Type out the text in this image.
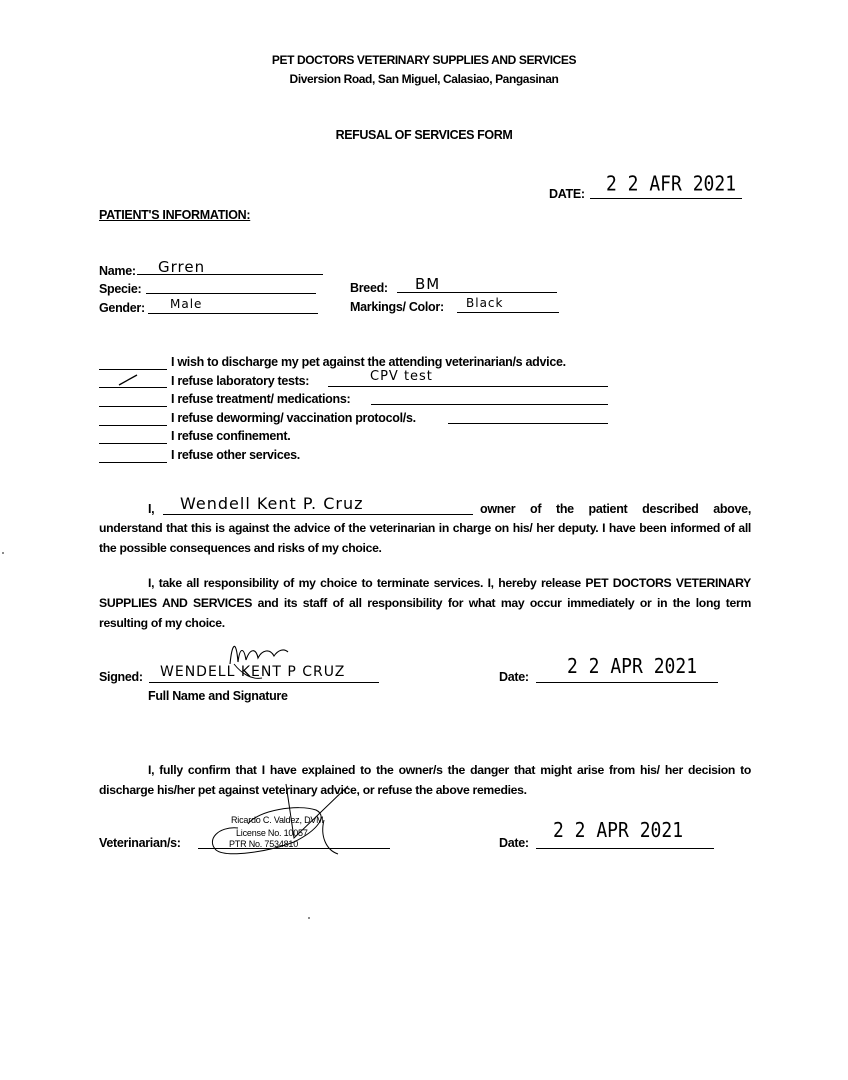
PET DOCTORS VETERINARY SUPPLIES AND SERVICES
Diversion Road, San Miguel, Calasiao, Pangasinan
REFUSAL OF SERVICES FORM
DATE: 2 2 AFR 2021
PATIENT'S INFORMATION:
Name: Grren
Specie:	Breed: BM
Gender: Male	Markings/ Color: Black
I wish to discharge my pet against the attending veterinarian/s advice.
I refuse laboratory tests:	CPV test
I refuse treatment/ medications:
I refuse deworming/ vaccination protocol/s.
I refuse confinement.
I refuse other services.
I, Wendell Kent P. Cruz	owner of the patient described above,
understand that this is against the advice of the veterinarian in charge on his/ her deputy. I have been informed of all the possible consequences and risks of my choice.
I, take all responsibility of my choice to terminate services. I, hereby release PET DOCTORS VETERINARY SUPPLIES AND SERVICES and its staff of all responsibility for what may occur immediately or in the long term resulting of my choice.
Signed: WENDELL KENT P CRUZ
Full Name and Signature
Date: 2 2 APR 2021
I, fully confirm that I have explained to the owner/s the danger that might arise from his/ her decision to discharge his/her pet against veterinary advice, or refuse the above remedies.
Veterinarian/s:
Ricardo C. Valdez, DVM
License No. 10057
PTR No. 7534810	Date: 2 2 APR 2021
